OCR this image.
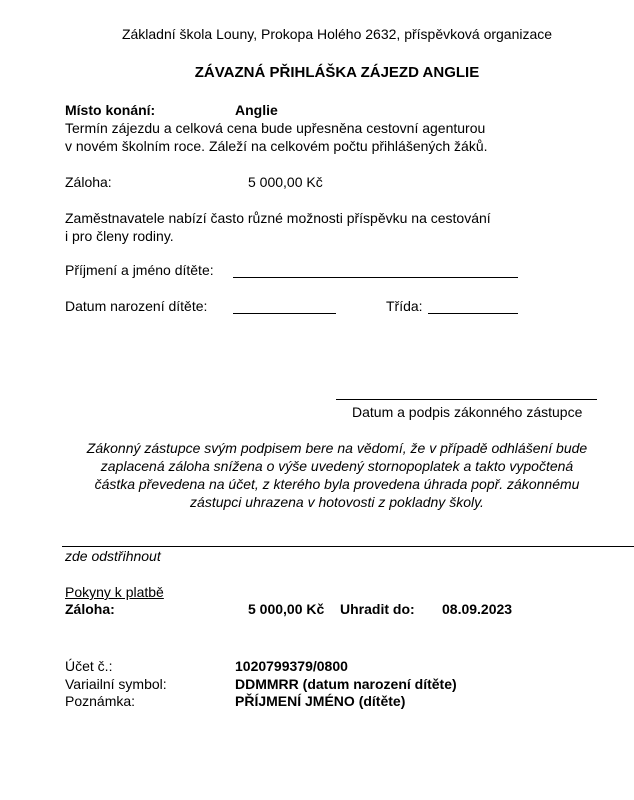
Základní škola Louny, Prokopa Holého 2632, příspěvková organizace
ZÁVAZNÁ PŘIHLÁŠKA ZÁJEZD ANGLIE
Místo konání:	Anglie
Termín zájezdu a celková cena bude upřesněna cestovní agenturou
v novém školním roce. Záleží na celkovém počtu přihlášených žáků.
Záloha:	5 000,00 Kč
Zaměstnavatele nabízí často různé možnosti příspěvku na cestování
i pro členy rodiny.
Příjmení a jméno dítěte:
Datum narození dítěte:	Třída:
Datum a podpis zákonného zástupce
Zákonný zástupce svým podpisem bere na vědomí, že v případě odhlášení bude
zaplacená záloha snížena o výše uvedený stornopoplatek a takto vypočtená
částka převedena na účet, z kterého byla provedena úhrada popř. zákonnému
zástupci uhrazena v hotovosti z pokladny školy.
zde odstřihnout
Pokyny k platbě
Záloha:	5 000,00 Kč Uhradit do: 08.09.2023
Účet č.:	1020799379/0800
Variailní symbol:	DDMMRR (datum narození dítěte)
Poznámka:	PŘÍJMENÍ JMÉNO (dítěte)
